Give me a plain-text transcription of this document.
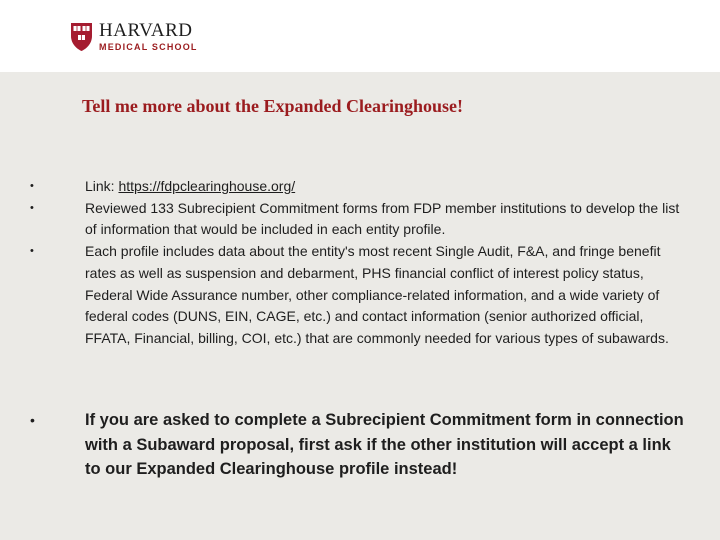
HARVARD
MEDICAL SCHOOL
Tell me more about the Expanded Clearinghouse!
•	Link: https://fdpclearinghouse.org/
•	Reviewed 133 Subrecipient Commitment forms from FDP member institutions to develop the list of information that would be included in each entity profile.
•	Each profile includes data about the entity's most recent Single Audit, F&A, and fringe benefit rates as well as suspension and debarment, PHS financial conflict of interest policy status, Federal Wide Assurance number, other compliance-related information, and a wide variety of federal codes (DUNS, EIN, CAGE, etc.) and contact information (senior authorized official, FFATA, Financial, billing, COI, etc.) that are commonly needed for various types of subawards.
•	If you are asked to complete a Subrecipient Commitment form in connection with a Subaward proposal, first ask if the other institution will accept a link to our Expanded Clearinghouse profile instead!
